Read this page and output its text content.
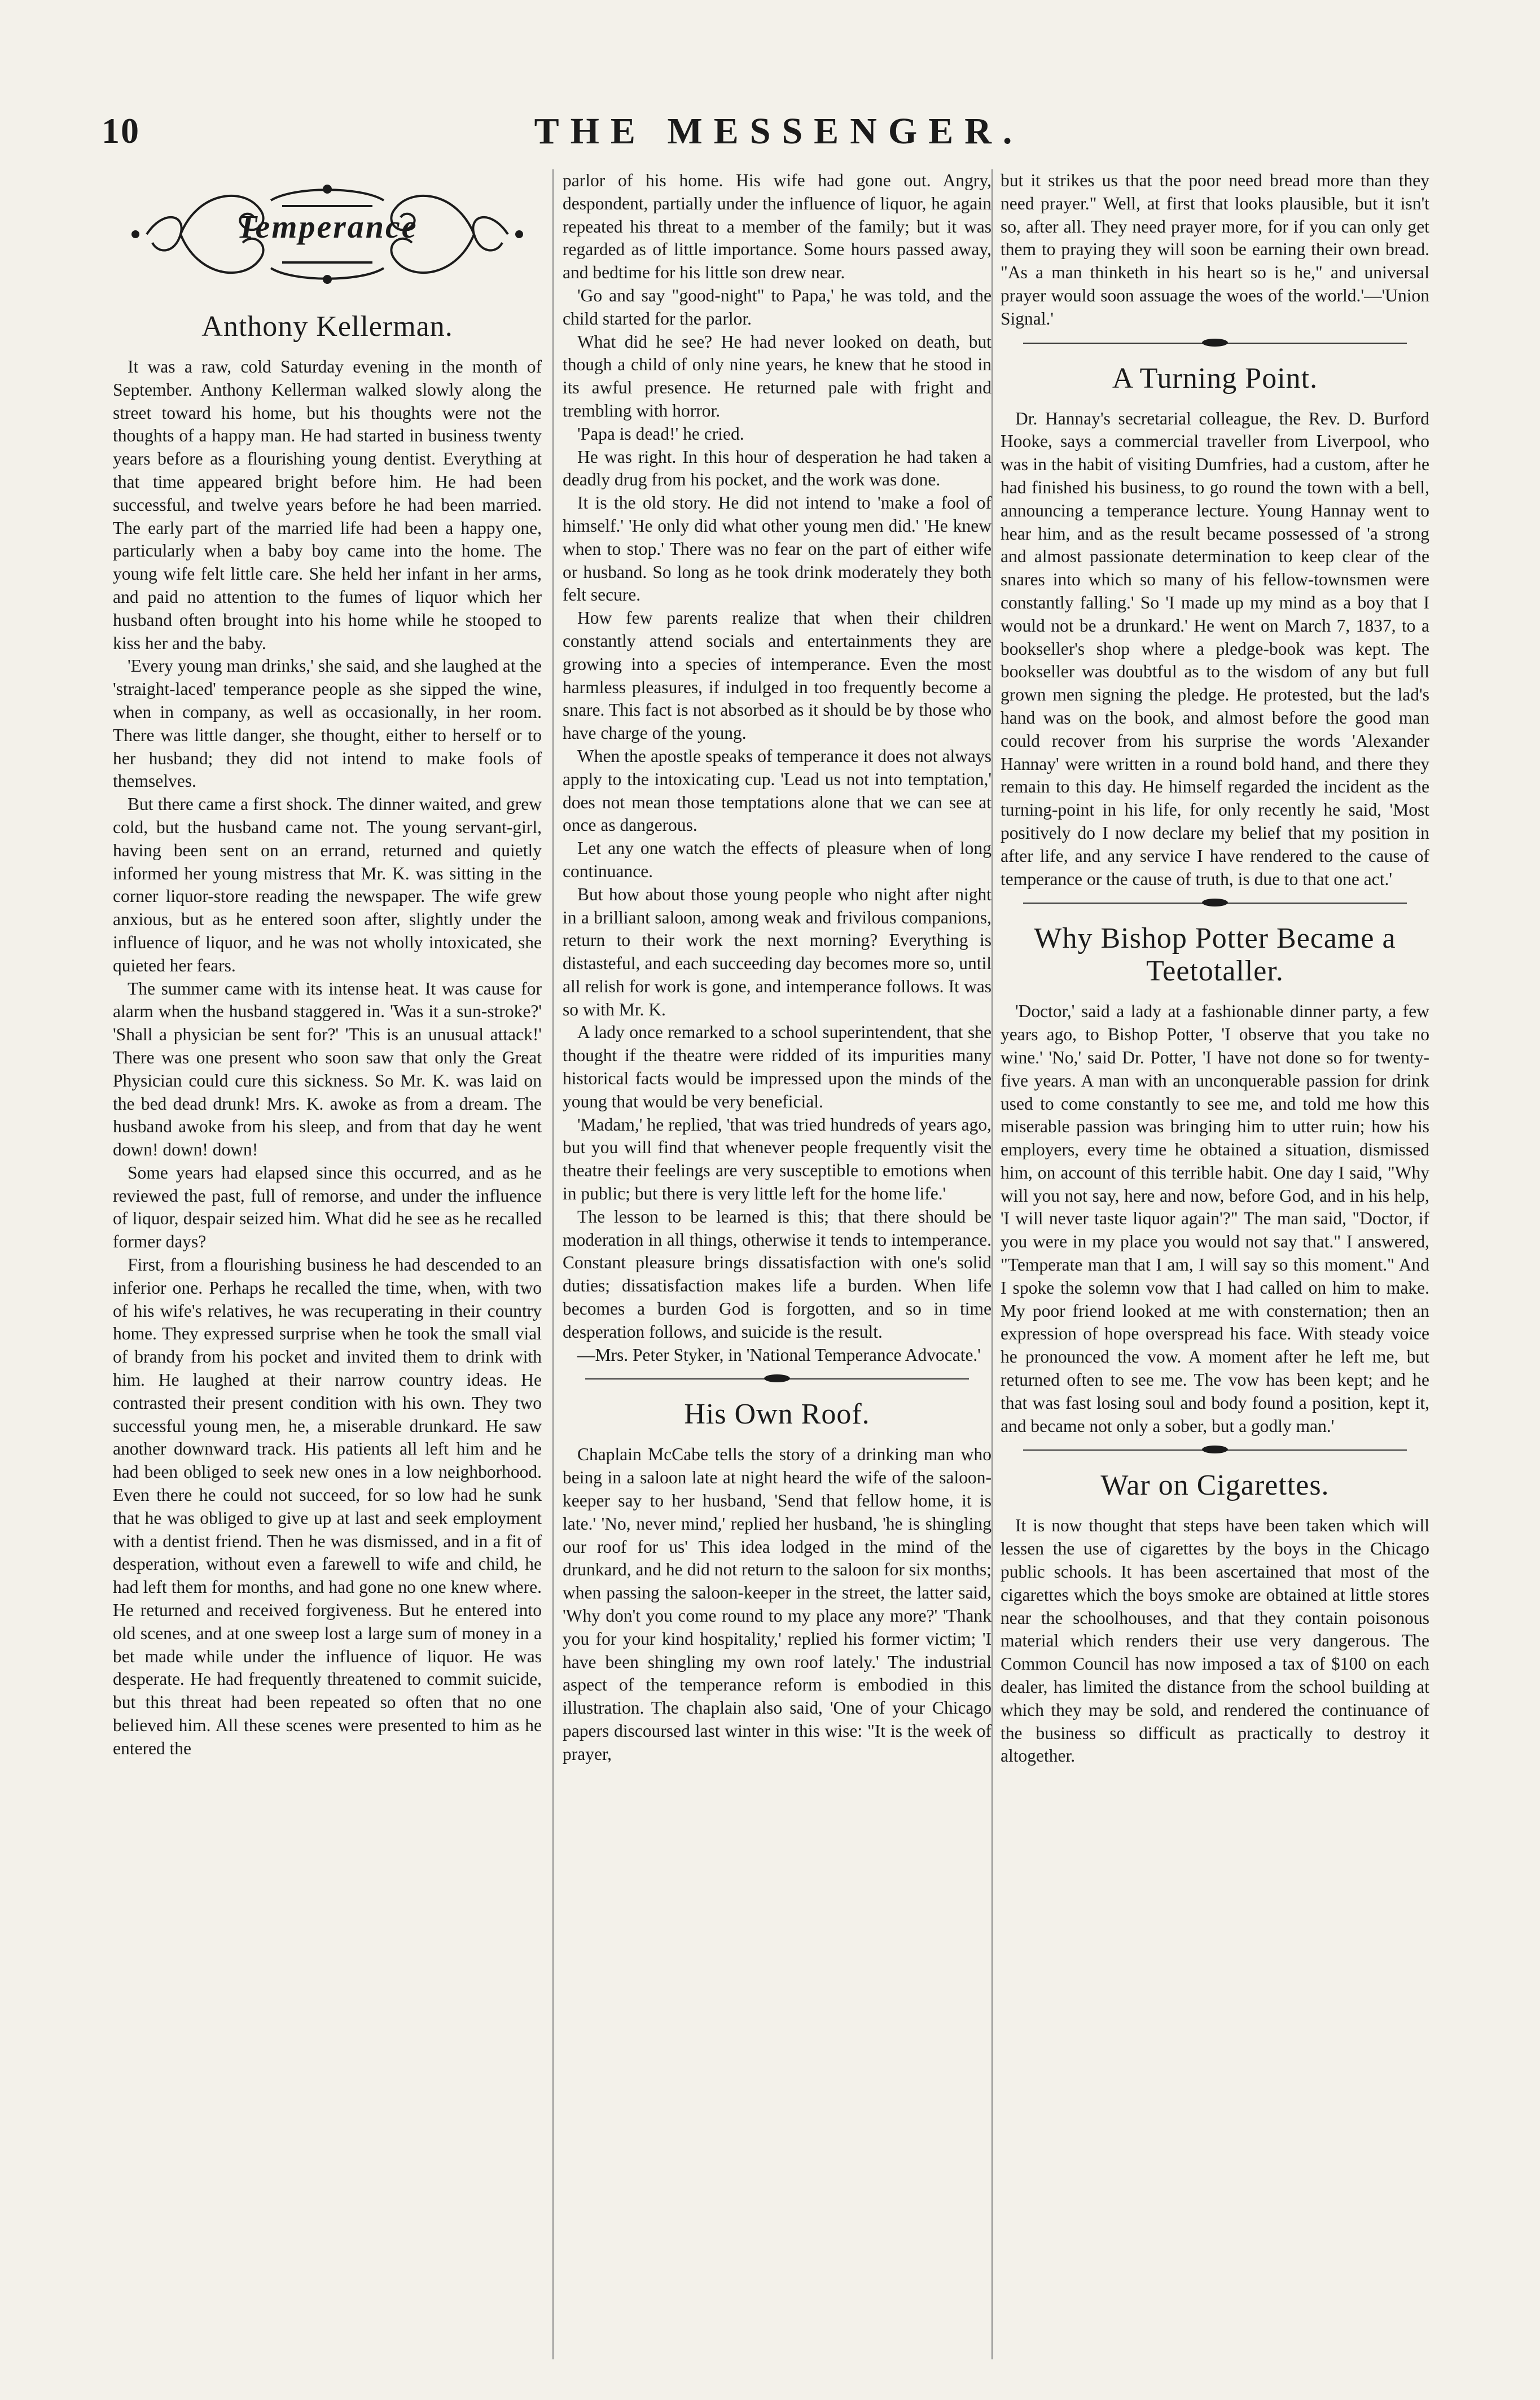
10	THE MESSENGER.
Temperance
Anthony Kellerman.

It was a raw, cold Saturday evening in the month of September. Anthony Kellerman walked slowly along the street toward his home, but his thoughts were not the thoughts of a happy man. He had started in business twenty years before as a flourishing young dentist. Everything at that time appeared bright before him. He had been successful, and twelve years before he had been married. The early part of the married life had been a happy one, particularly when a baby boy came into the home. The young wife felt little care. She held her infant in her arms, and paid no attention to the fumes of liquor which her husband often brought into his home while he stooped to kiss her and the baby.

'Every young man drinks,' she said, and she laughed at the 'straight-laced' temperance people as she sipped the wine, when in company, as well as occasionally, in her room. There was little danger, she thought, either to herself or to her husband; they did not intend to make fools of themselves.

But there came a first shock. The dinner waited, and grew cold, but the husband came not. The young servant-girl, having been sent on an errand, returned and quietly informed her young mistress that Mr. K. was sitting in the corner liquor-store reading the newspaper. The wife grew anxious, but as he entered soon after, slightly under the influence of liquor, and he was not wholly intoxicated, she quieted her fears.

The summer came with its intense heat. It was cause for alarm when the husband staggered in. 'Was it a sun-stroke?' 'Shall a physician be sent for?' 'This is an unusual attack!' There was one present who soon saw that only the Great Physician could cure this sickness. So Mr. K. was laid on the bed dead drunk! Mrs. K. awoke as from a dream. The husband awoke from his sleep, and from that day he went down! down! down!

Some years had elapsed since this occurred, and as he reviewed the past, full of remorse, and under the influence of liquor, despair seized him. What did he see as he recalled former days?

First, from a flourishing business he had descended to an inferior one. Perhaps he recalled the time, when, with two of his wife's relatives, he was recuperating in their country home. They expressed surprise when he took the small vial of brandy from his pocket and invited them to drink with him. He laughed at their narrow country ideas. He contrasted their present condition with his own. They two successful young men, he, a miserable drunkard. He saw another downward track. His patients all left him and he had been obliged to seek new ones in a low neighborhood. Even there he could not succeed, for so low had he sunk that he was obliged to give up at last and seek employment with a dentist friend. Then he was dismissed, and in a fit of desperation, without even a farewell to wife and child, he had left them for months, and had gone no one knew where. He returned and received forgiveness. But he entered into old scenes, and at one sweep lost a large sum of money in a bet made while under the influence of liquor. He was desperate. He had frequently threatened to commit suicide, but this threat had been repeated so often that no one believed him. All these scenes were presented to him as he entered the

parlor of his home. His wife had gone out. Angry, despondent, partially under the influence of liquor, he again repeated his threat to a member of the family; but it was regarded as of little importance. Some hours passed away, and bedtime for his little son drew near.

'Go and say "good-night" to Papa,' he was told, and the child started for the parlor.

What did he see? He had never looked on death, but though a child of only nine years, he knew that he stood in its awful presence. He returned pale with fright and trembling with horror.

'Papa is dead!' he cried.

He was right. In this hour of desperation he had taken a deadly drug from his pocket, and the work was done.

It is the old story. He did not intend to 'make a fool of himself.' 'He only did what other young men did.' 'He knew when to stop.' There was no fear on the part of either wife or husband. So long as he took drink moderately they both felt secure.

How few parents realize that when their children constantly attend socials and entertainments they are growing into a species of intemperance. Even the most harmless pleasures, if indulged in too frequently become a snare. This fact is not absorbed as it should be by those who have charge of the young.

When the apostle speaks of temperance it does not always apply to the intoxicating cup. 'Lead us not into temptation,' does not mean those temptations alone that we can see at once as dangerous.

Let any one watch the effects of pleasure when of long continuance.

But how about those young people who night after night in a brilliant saloon, among weak and frivilous companions, return to their work the next morning? Everything is distasteful, and each succeeding day becomes more so, until all relish for work is gone, and intemperance follows. It was so with Mr. K.

A lady once remarked to a school superintendent, that she thought if the theatre were ridded of its impurities many historical facts would be impressed upon the minds of the young that would be very beneficial.

'Madam,' he replied, 'that was tried hundreds of years ago, but you will find that whenever people frequently visit the theatre their feelings are very susceptible to emotions when in public; but there is very little left for the home life.'

The lesson to be learned is this; that there should be moderation in all things, otherwise it tends to intemperance. Constant pleasure brings dissatisfaction with one's solid duties; dissatisfaction makes life a burden. When life becomes a burden God is forgotten, and so in time desperation follows, and suicide is the result.

—Mrs. Peter Styker, in 'National Temperance Advocate.'

His Own Roof.

Chaplain McCabe tells the story of a drinking man who being in a saloon late at night heard the wife of the saloon-keeper say to her husband, 'Send that fellow home, it is late.' 'No, never mind,' replied her husband, 'he is shingling our roof for us' This idea lodged in the mind of the drunkard, and he did not return to the saloon for six months; when passing the saloon-keeper in the street, the latter said, 'Why don't you come round to my place any more?' 'Thank you for your kind hospitality,' replied his former victim; 'I have been shingling my own roof lately.' The industrial aspect of the temperance reform is embodied in this illustration. The chaplain also said, 'One of your Chicago papers discoursed last winter in this wise: "It is the week of prayer,

but it strikes us that the poor need bread more than they need prayer." Well, at first that looks plausible, but it isn't so, after all. They need prayer more, for if you can only get them to praying they will soon be earning their own bread. "As a man thinketh in his heart so is he," and universal prayer would soon assuage the woes of the world.'—'Union Signal.'

A Turning Point.

Dr. Hannay's secretarial colleague, the Rev. D. Burford Hooke, says a commercial traveller from Liverpool, who was in the habit of visiting Dumfries, had a custom, after he had finished his business, to go round the town with a bell, announcing a temperance lecture. Young Hannay went to hear him, and as the result became possessed of 'a strong and almost passionate determination to keep clear of the snares into which so many of his fellow-townsmen were constantly falling.' So 'I made up my mind as a boy that I would not be a drunkard.' He went on March 7, 1837, to a bookseller's shop where a pledge-book was kept. The bookseller was doubtful as to the wisdom of any but full grown men signing the pledge. He protested, but the lad's hand was on the book, and almost before the good man could recover from his surprise the words 'Alexander Hannay' were written in a round bold hand, and there they remain to this day. He himself regarded the incident as the turning-point in his life, for only recently he said, 'Most positively do I now declare my belief that my position in after life, and any service I have rendered to the cause of temperance or the cause of truth, is due to that one act.'

Why Bishop Potter Became a Teetotaller.

'Doctor,' said a lady at a fashionable dinner party, a few years ago, to Bishop Potter, 'I observe that you take no wine.' 'No,' said Dr. Potter, 'I have not done so for twenty-five years. A man with an unconquerable passion for drink used to come constantly to see me, and told me how this miserable passion was bringing him to utter ruin; how his employers, every time he obtained a situation, dismissed him, on account of this terrible habit. One day I said, "Why will you not say, here and now, before God, and in his help, 'I will never taste liquor again'?" The man said, "Doctor, if you were in my place you would not say that." I answered, "Temperate man that I am, I will say so this moment." And I spoke the solemn vow that I had called on him to make. My poor friend looked at me with consternation; then an expression of hope overspread his face. With steady voice he pronounced the vow. A moment after he left me, but returned often to see me. The vow has been kept; and he that was fast losing soul and body found a position, kept it, and became not only a sober, but a godly man.'

War on Cigarettes.

It is now thought that steps have been taken which will lessen the use of cigarettes by the boys in the Chicago public schools. It has been ascertained that most of the cigarettes which the boys smoke are obtained at little stores near the schoolhouses, and that they contain poisonous material which renders their use very dangerous. The Common Council has now imposed a tax of $100 on each dealer, has limited the distance from the school building at which they may be sold, and rendered the continuance of the business so difficult as practically to destroy it altogether.
